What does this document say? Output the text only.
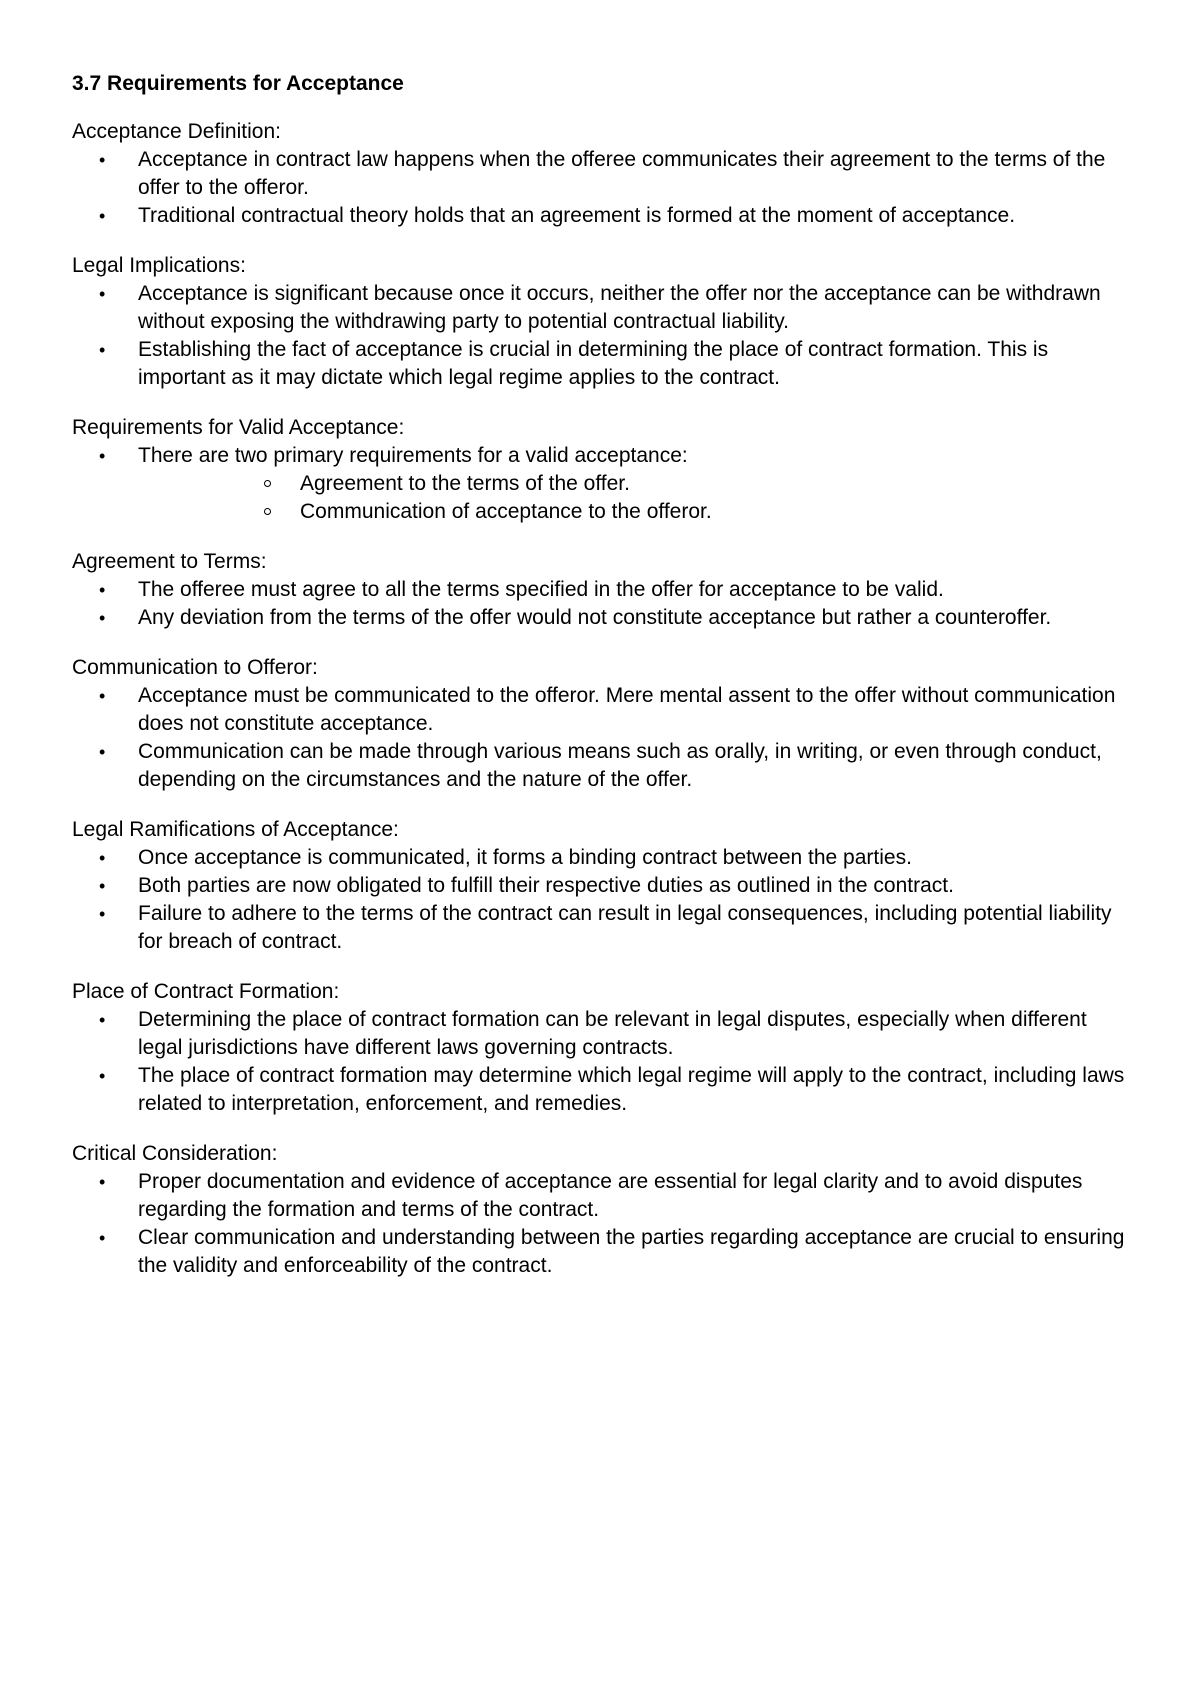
3.7 Requirements for Acceptance
Acceptance Definition:
• Acceptance in contract law happens when the offeree communicates their agreement to the terms of the offer to the offeror.
• Traditional contractual theory holds that an agreement is formed at the moment of acceptance.
Legal Implications:
• Acceptance is significant because once it occurs, neither the offer nor the acceptance can be withdrawn without exposing the withdrawing party to potential contractual liability.
• Establishing the fact of acceptance is crucial in determining the place of contract formation. This is important as it may dictate which legal regime applies to the contract.
Requirements for Valid Acceptance:
• There are two primary requirements for a valid acceptance:
Agreement to the terms of the offer.
Communication of acceptance to the offeror.
Agreement to Terms:
• The offeree must agree to all the terms specified in the offer for acceptance to be valid.
• Any deviation from the terms of the offer would not constitute acceptance but rather a counteroffer.
Communication to Offeror:
• Acceptance must be communicated to the offeror. Mere mental assent to the offer without communication does not constitute acceptance.
• Communication can be made through various means such as orally, in writing, or even through conduct, depending on the circumstances and the nature of the offer.
Legal Ramifications of Acceptance:
• Once acceptance is communicated, it forms a binding contract between the parties.
• Both parties are now obligated to fulfill their respective duties as outlined in the contract.
• Failure to adhere to the terms of the contract can result in legal consequences, including potential liability for breach of contract.
Place of Contract Formation:
• Determining the place of contract formation can be relevant in legal disputes, especially when different legal jurisdictions have different laws governing contracts.
• The place of contract formation may determine which legal regime will apply to the contract, including laws related to interpretation, enforcement, and remedies.
Critical Consideration:
• Proper documentation and evidence of acceptance are essential for legal clarity and to avoid disputes regarding the formation and terms of the contract.
• Clear communication and understanding between the parties regarding acceptance are crucial to ensuring the validity and enforceability of the contract.
